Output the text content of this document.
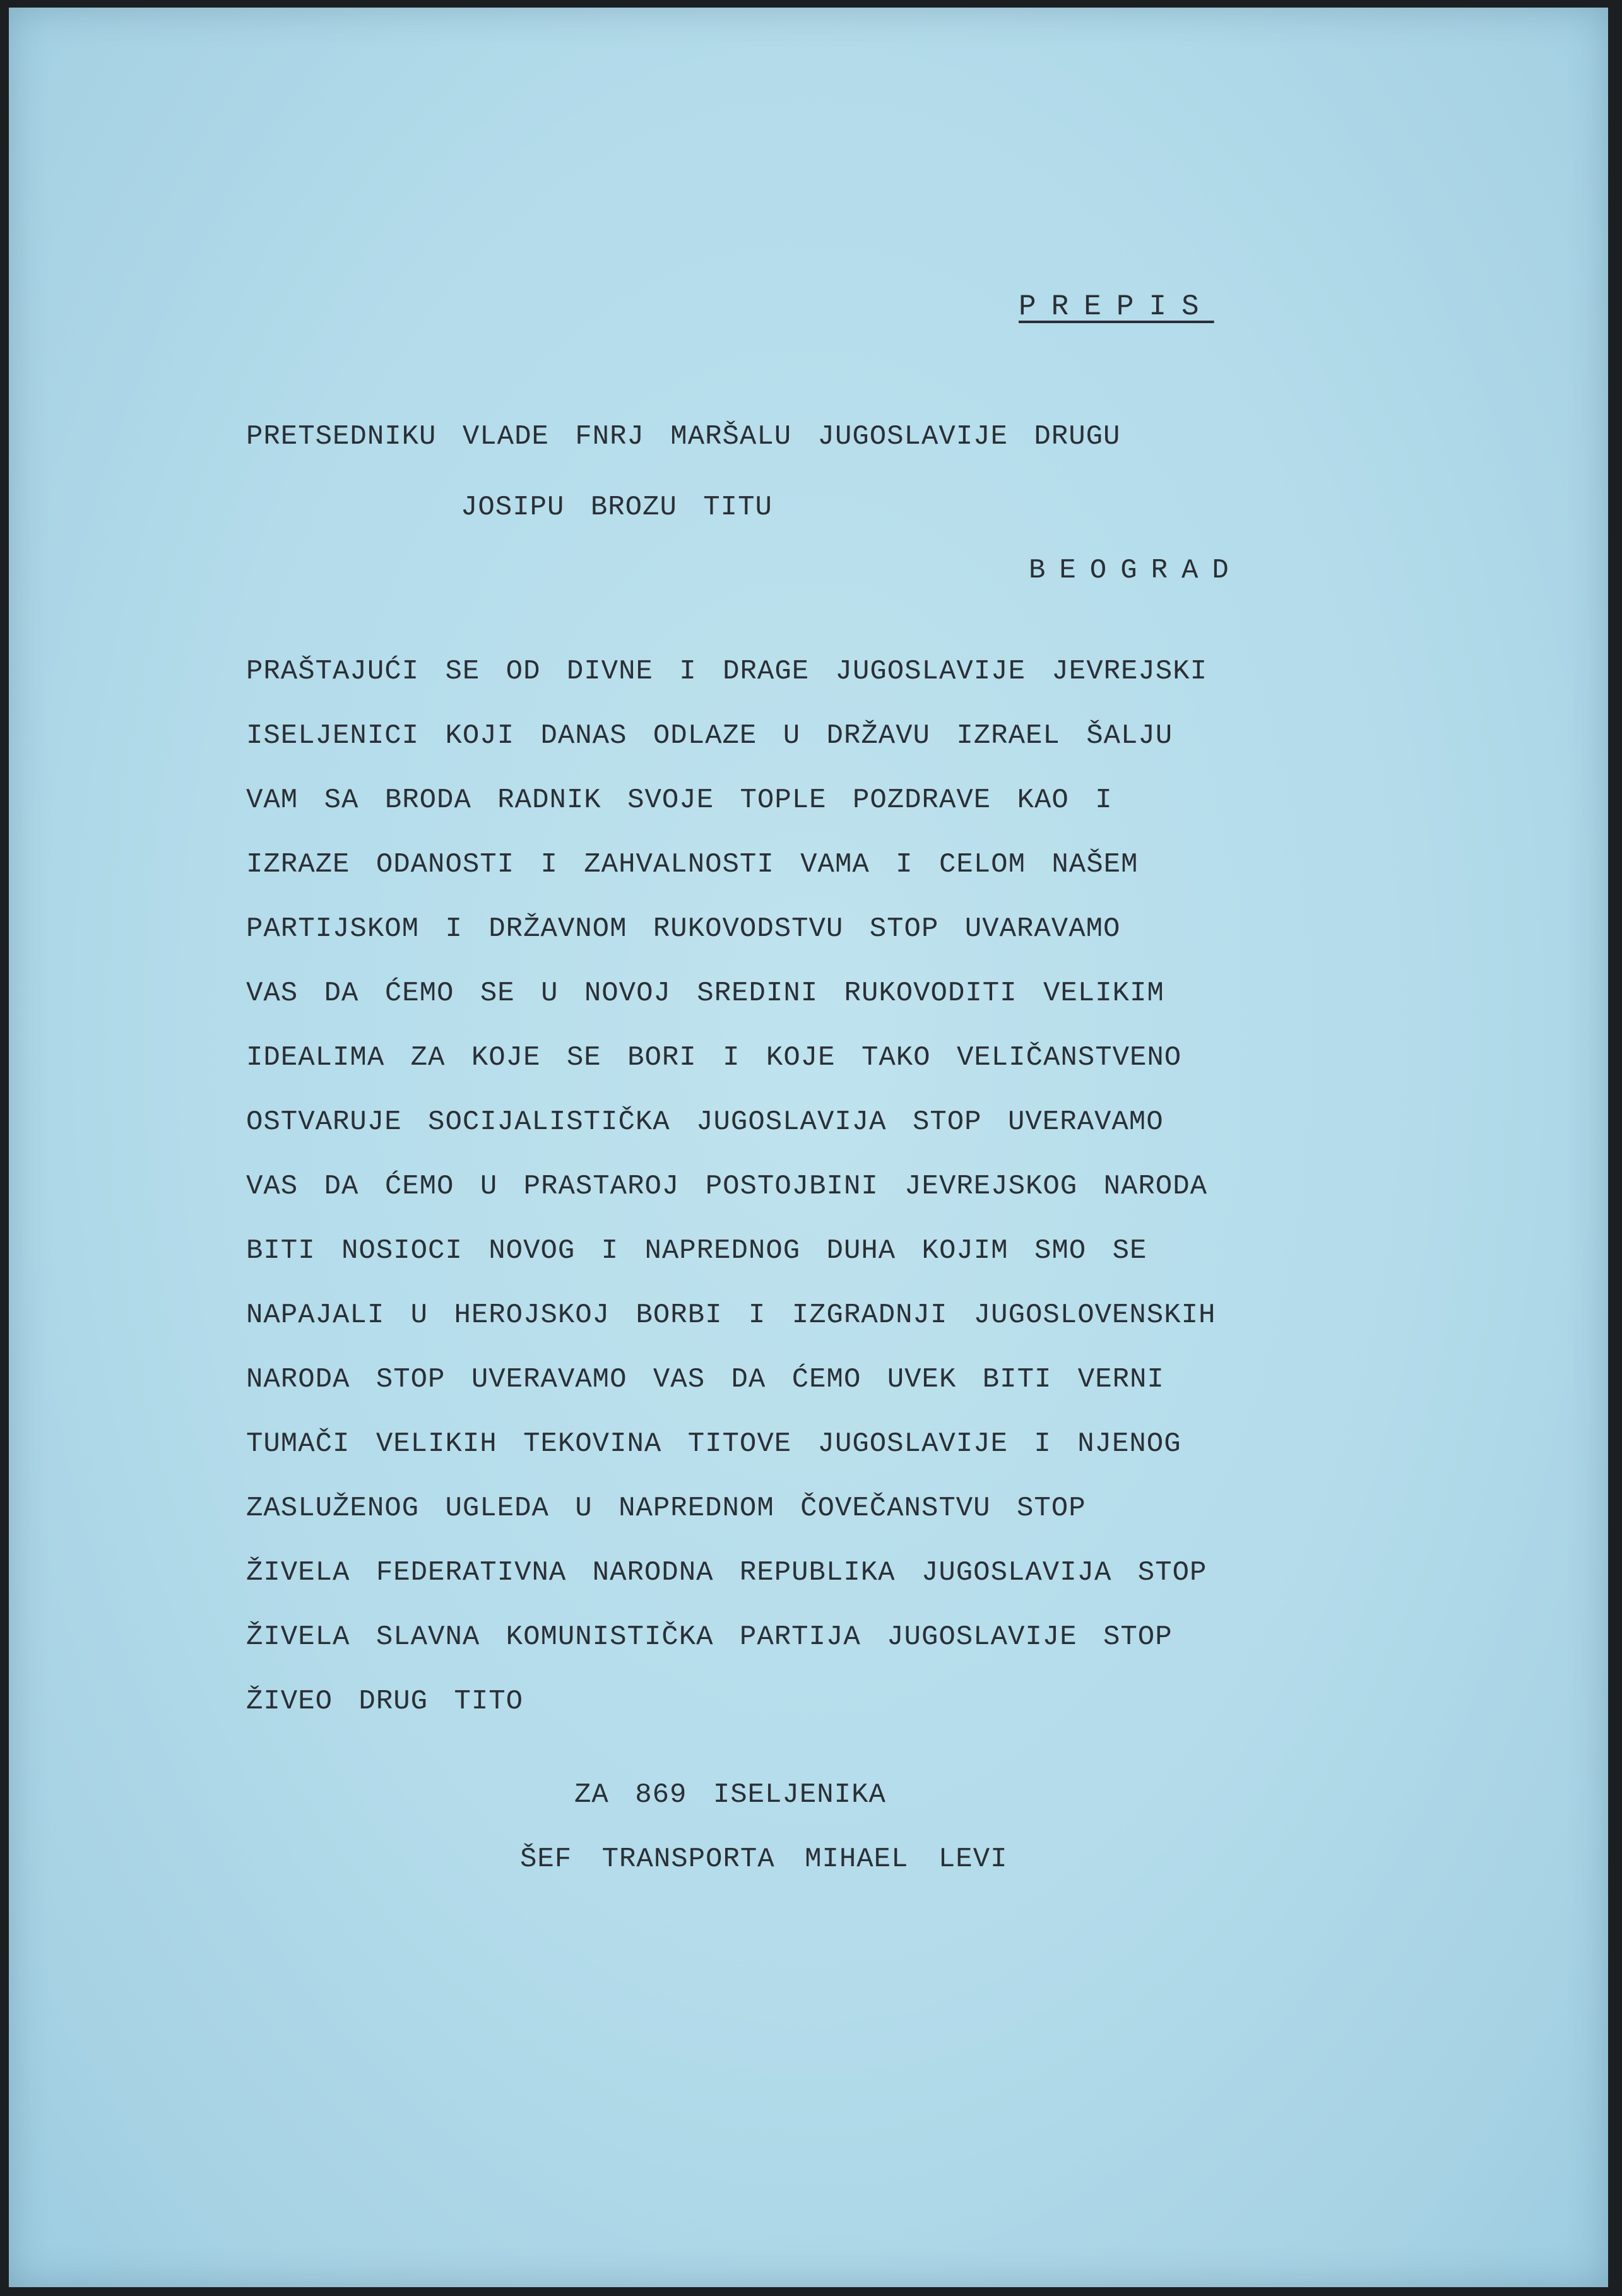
PREPIS
PRETSEDNIKU VLADE FNRJ MARŠALU JUGOSLAVIJE DRUGU
JOSIPU BROZU TITU
BEOGRAD
PRAŠTAJUĆI SE OD DIVNE I DRAGE JUGOSLAVIJE JEVREJSKI
ISELJENICI KOJI DANAS ODLAZE U DRŽAVU IZRAEL ŠALJU
VAM SA BRODA RADNIK SVOJE TOPLE POZDRAVE KAO I
IZRAZE ODANOSTI I ZAHVALNOSTI VAMA I CELOM NAŠEM
PARTIJSKOM I DRŽAVNOM RUKOVODSTVU STOP UVARAVAMO
VAS DA ĆEMO SE U NOVOJ SREDINI RUKOVODITI VELIKIM
IDEALIMA ZA KOJE SE BORI I KOJE TAKO VELIČANSTVENO
OSTVARUJE SOCIJALISTIČKA JUGOSLAVIJA STOP UVERAVAMO
VAS DA ĆEMO U PRASTAROJ POSTOJBINI JEVREJSKOG NARODA
BITI NOSIOCI NOVOG I NAPREDNOG DUHA KOJIM SMO SE
NAPAJALI U HEROJSKOJ BORBI I IZGRADNJI JUGOSLOVENSKIH
NARODA STOP UVERAVAMO VAS DA ĆEMO UVEK BITI VERNI
TUMAČI VELIKIH TEKOVINA TITOVE JUGOSLAVIJE I NJENOG
ZASLUŽENOG UGLEDA U NAPREDNOM ČOVEČANSTVU STOP
ŽIVELA FEDERATIVNA NARODNA REPUBLIKA JUGOSLAVIJA STOP
ŽIVELA SLAVNA KOMUNISTIČKA PARTIJA JUGOSLAVIJE STOP
ŽIVEO DRUG TITO
ZA 869 ISELJENIKA
ŠEF TRANSPORTA MIHAEL LEVI
